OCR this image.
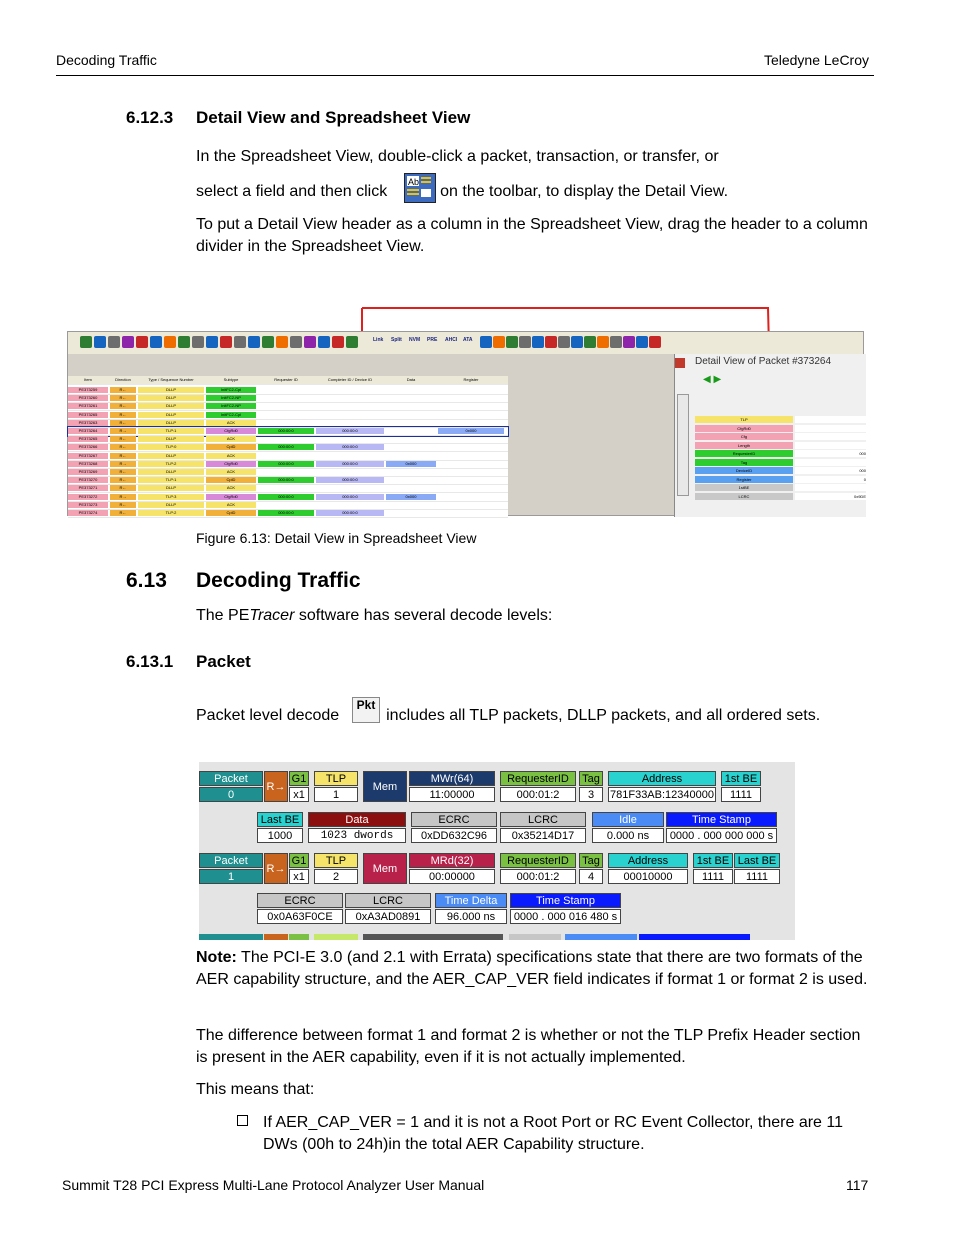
Decoding Traffic	Teledyne LeCroy
6.12.3 Detail View and Spreadsheet View
In the Spreadsheet View, double-click a packet, transaction, or transfer, or
select a field and then click	on the toolbar, to display the Detail View.
Ab
To put a Detail View header as a column in the Spreadsheet View, drag the header to a column divider in the Spreadsheet View.
Link Split NVM PRE AHCI ATA
Item	Direction	Type / Sequence Number	Subtype	Requester ID	Completer ID / Device ID	Data	Register
PE373259	R←	DLLP	InitFC2-Cpl
PE373260	R←	DLLP	InitFC2-NP
PE373261	R←	DLLP	InitFC2-NP
PE373265	R←	DLLP	InitFC2-Cpl
PE373263	R←	DLLP	ACK
PE373264	R→	TLP:1	CfgRd0	000:00:0	000:00:0	0x000
PE373265	R←	DLLP	ACK
PE373266	R←	TLP:0	CplD	000:00:0	000:00:0
PE373267	R←	DLLP	ACK
PE373268	R→	TLP:2	CfgRd0	000:00:0	000:00:0	0x000
PE373269	R←	DLLP	ACK
PE373270	R←	TLP:1	CplD	000:00:0	000:00:0
PE373271	R←	DLLP	ACK
PE373272	R→	TLP:3	CfgRd0	000:00:0	000:00:0	0x000
PE373273	R←	DLLP	ACK
PE373274	R←	TLP:2	CplD	000:00:0	000:00:0
Detail View of Packet #373264
◀ ▶
TLP
CfgRd0
Cfg
Length
RequesterID	000
Tag
DeviceID	000
Register	0
1stBE
LCRC	0x9DE
Figure 6.13: Detail View in Spreadsheet View
6.13 Decoding Traffic
The PETracer software has several decode levels:
6.13.1 Packet
Packet level decode	includes all TLP packets, DLLP packets, and all ordered sets.
Pkt
Packet
0
R→
G1
x1
TLP
1
Mem
MWr(64)
11:00000
RequesterID
000:01:2
Tag
3
Address
781F33AB:12340000
1st BE
1111
Last BE
1000
Data
1023 dwords
ECRC
0xDD632C96
LCRC
0x35214D17
Idle
0.000 ns
Time Stamp
0000 . 000 000 000 s
Packet
1
R→
G1
x1
TLP
2
Mem
MRd(32)
00:00000
RequesterID
000:01:2
Tag
4
Address
00010000
1st BE
1111
Last BE
1111
ECRC
0x0A63F0CE
LCRC
0xA3AD0891
Time Delta
96.000 ns
Time Stamp
0000 . 000 016 480 s
Note: The PCI-E 3.0 (and 2.1 with Errata) specifications state that there are two formats of the AER capability structure, and the AER_CAP_VER field indicates if format 1 or format 2 is used.
The difference between format 1 and format 2 is whether or not the TLP Prefix Header section is present in the AER capability, even if it is not actually implemented.
This means that:
If AER_CAP_VER = 1 and it is not a Root Port or RC Event Collector, there are 11 DWs (00h to 24h)in the total AER Capability structure.
Summit T28 PCI Express Multi-Lane Protocol Analyzer User Manual	117
